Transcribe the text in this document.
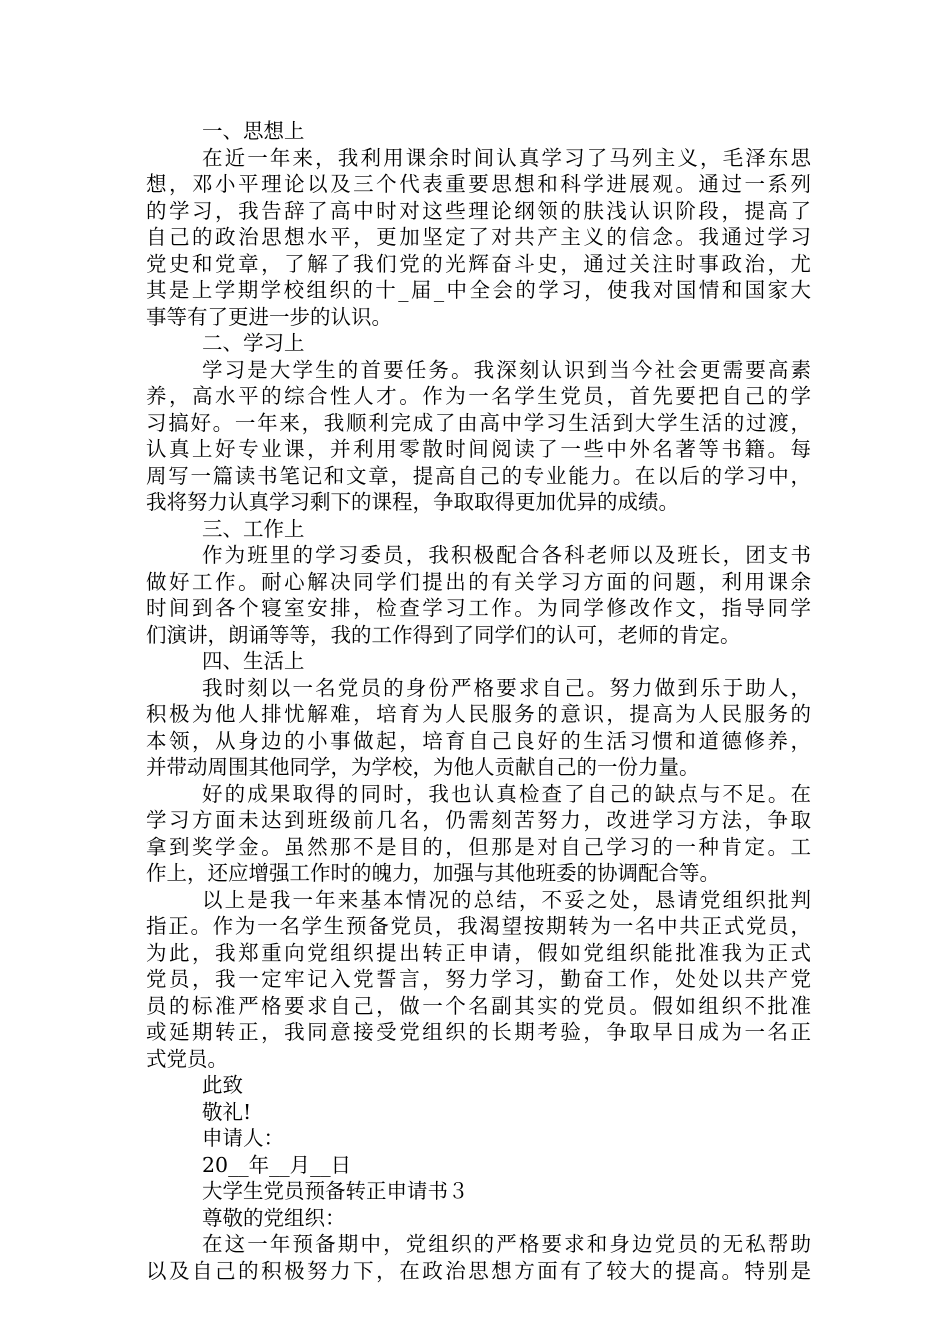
一、思想上
在近一年来，我利用课余时间认真学习了马列主义，毛泽东思
想，邓小平理论以及三个代表重要思想和科学进展观。通过一系列
的学习，我告辞了高中时对这些理论纲领的肤浅认识阶段，提高了
自己的政治思想水平，更加坚定了对共产主义的信念。我通过学习
党史和党章，了解了我们党的光辉奋斗史，通过关注时事政治，尤
其是上学期学校组织的十_届_中全会的学习，使我对国情和国家大
事等有了更进一步的认识。
二、学习上
学习是大学生的首要任务。我深刻认识到当今社会更需要高素
养，高水平的综合性人才。作为一名学生党员，首先要把自己的学
习搞好。一年来，我顺利完成了由高中学习生活到大学生活的过渡，
认真上好专业课，并利用零散时间阅读了一些中外名著等书籍。每
周写一篇读书笔记和文章，提高自己的专业能力。在以后的学习中，
我将努力认真学习剩下的课程，争取取得更加优异的成绩。
三、工作上
作为班里的学习委员，我积极配合各科老师以及班长，团支书
做好工作。耐心解决同学们提出的有关学习方面的问题，利用课余
时间到各个寝室安排，检查学习工作。为同学修改作文，指导同学
们演讲，朗诵等等，我的工作得到了同学们的认可，老师的肯定。
四、生活上
我时刻以一名党员的身份严格要求自己。努力做到乐于助人，
积极为他人排忧解难，培育为人民服务的意识，提高为人民服务的
本领，从身边的小事做起，培育自己良好的生活习惯和道德修养，
并带动周围其他同学，为学校，为他人贡献自己的一份力量。
好的成果取得的同时，我也认真检查了自己的缺点与不足。在
学习方面未达到班级前几名，仍需刻苦努力，改进学习方法，争取
拿到奖学金。虽然那不是目的，但那是对自己学习的一种肯定。工
作上，还应增强工作时的魄力，加强与其他班委的协调配合等。
以上是我一年来基本情况的总结，不妥之处，恳请党组织批判
指正。作为一名学生预备党员，我渴望按期转为一名中共正式党员，
为此，我郑重向党组织提出转正申请，假如党组织能批准我为正式
党员，我一定牢记入党誓言，努力学习，勤奋工作，处处以共产党
员的标准严格要求自己，做一个名副其实的党员。假如组织不批准
或延期转正，我同意接受党组织的长期考验，争取早日成为一名正
式党员。
此致
敬礼!
申请人：
20__年__月__日
大学生党员预备转正申请书３
尊敬的党组织：
在这一年预备期中，党组织的严格要求和身边党员的无私帮助
以及自己的积极努力下，在政治思想方面有了较大的提高。特别是
